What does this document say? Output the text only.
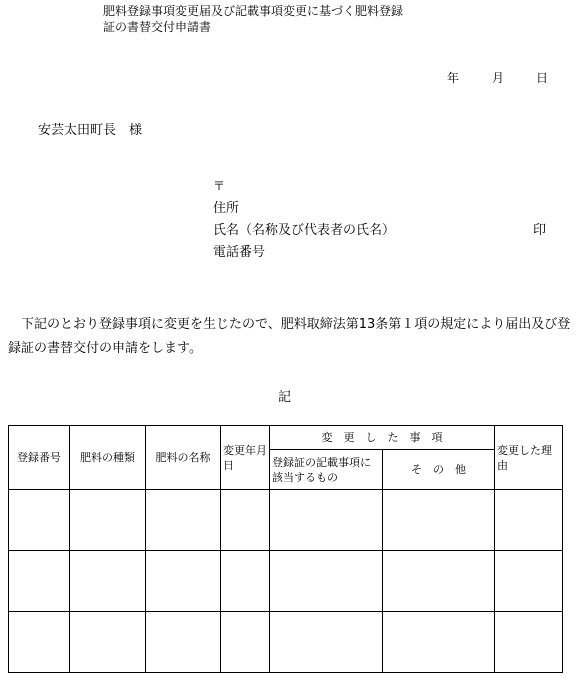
肥料登録事項変更届及び記載事項変更に基づく肥料登録
証の書替交付申請書
年	月	日
安芸太田町長　様
〒
住所
氏名（名称及び代表者の氏名）	印
電話番号
　下記のとおり登録事項に変更を生じたので、肥料取締法第13条第１項の規定により届出及び登録証の書替交付の申請をします。
記
登録番号	肥料の種類	肥料の名称	変更年月日	変　更　し　た　事　項		変更した理由
				登録証の記載事項に該当するもの	そ　の　他	
